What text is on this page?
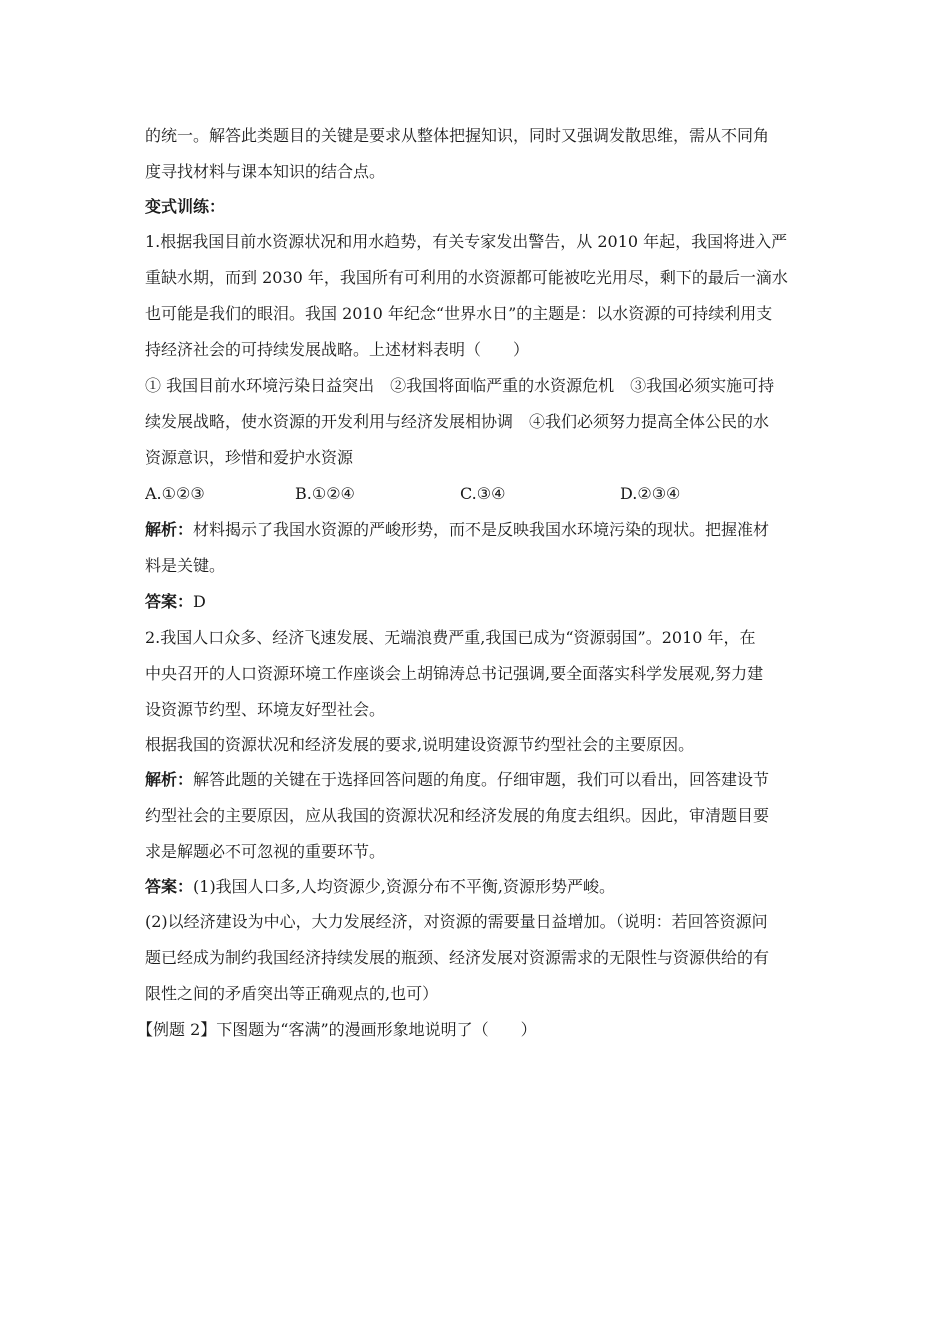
的统一。解答此类题目的关键是要求从整体把握知识，同时又强调发散思维，需从不同角
度寻找材料与课本知识的结合点。
变式训练：
1.根据我国目前水资源状况和用水趋势，有关专家发出警告，从 2010 年起，我国将进入严
重缺水期，而到 2030 年，我国所有可利用的水资源都可能被吃光用尽，剩下的最后一滴水
也可能是我们的眼泪。我国 2010 年纪念“世界水日”的主题是：以水资源的可持续利用支
持经济社会的可持续发展战略。上述材料表明（　　）
① 我国目前水环境污染日益突出　②我国将面临严重的水资源危机　③我国必须实施可持
续发展战略，使水资源的开发利用与经济发展相协调　④我们必须努力提高全体公民的水
资源意识，珍惜和爱护水资源
A.①②③	B.①②④	C.③④	D.②③④
解析：材料揭示了我国水资源的严峻形势，而不是反映我国水环境污染的现状。把握准材
料是关键。
答案：D
2.我国人口众多、经济飞速发展、无端浪费严重,我国已成为“资源弱国”。2010 年，在
中央召开的人口资源环境工作座谈会上胡锦涛总书记强调,要全面落实科学发展观,努力建
设资源节约型、环境友好型社会。
根据我国的资源状况和经济发展的要求,说明建设资源节约型社会的主要原因。
解析：解答此题的关键在于选择回答问题的角度。仔细审题，我们可以看出，回答建设节
约型社会的主要原因，应从我国的资源状况和经济发展的角度去组织。因此，审清题目要
求是解题必不可忽视的重要环节。
答案：(1)我国人口多,人均资源少,资源分布不平衡,资源形势严峻。
(2)以经济建设为中心，大力发展经济，对资源的需要量日益增加。（说明：若回答资源问
题已经成为制约我国经济持续发展的瓶颈、经济发展对资源需求的无限性与资源供给的有
限性之间的矛盾突出等正确观点的,也可）
【例题 2】下图题为“客满”的漫画形象地说明了（　　）
